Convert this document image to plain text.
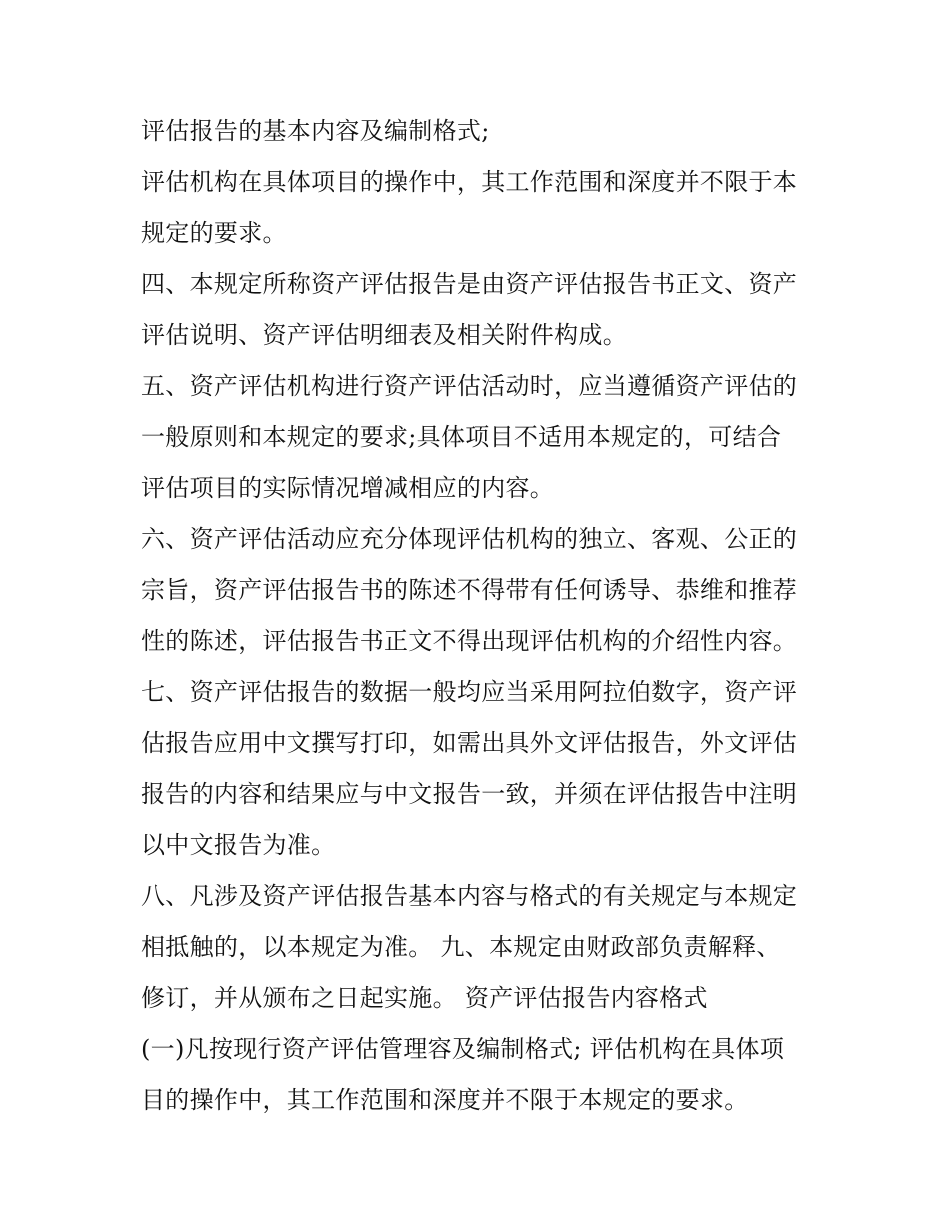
评估报告的基本内容及编制格式;
评估机构在具体项目的操作中，其工作范围和深度并不限于本
规定的要求。
四、本规定所称资产评估报告是由资产评估报告书正文、资产
评估说明、资产评估明细表及相关附件构成。
五、资产评估机构进行资产评估活动时，应当遵循资产评估的
一般原则和本规定的要求;具体项目不适用本规定的，可结合
评估项目的实际情况增减相应的内容。
六、资产评估活动应充分体现评估机构的独立、客观、公正的
宗旨，资产评估报告书的陈述不得带有任何诱导、恭维和推荐
性的陈述，评估报告书正文不得出现评估机构的介绍性内容。
七、资产评估报告的数据一般均应当采用阿拉伯数字，资产评
估报告应用中文撰写打印，如需出具外文评估报告，外文评估
报告的内容和结果应与中文报告一致，并须在评估报告中注明
以中文报告为准。
八、凡涉及资产评估报告基本内容与格式的有关规定与本规定
相抵触的，以本规定为准。 九、本规定由财政部负责解释、
修订，并从颁布之日起实施。 资产评估报告内容格式
(一)凡按现行资产评估管理容及编制格式; 评估机构在具体项
目的操作中，其工作范围和深度并不限于本规定的要求。
